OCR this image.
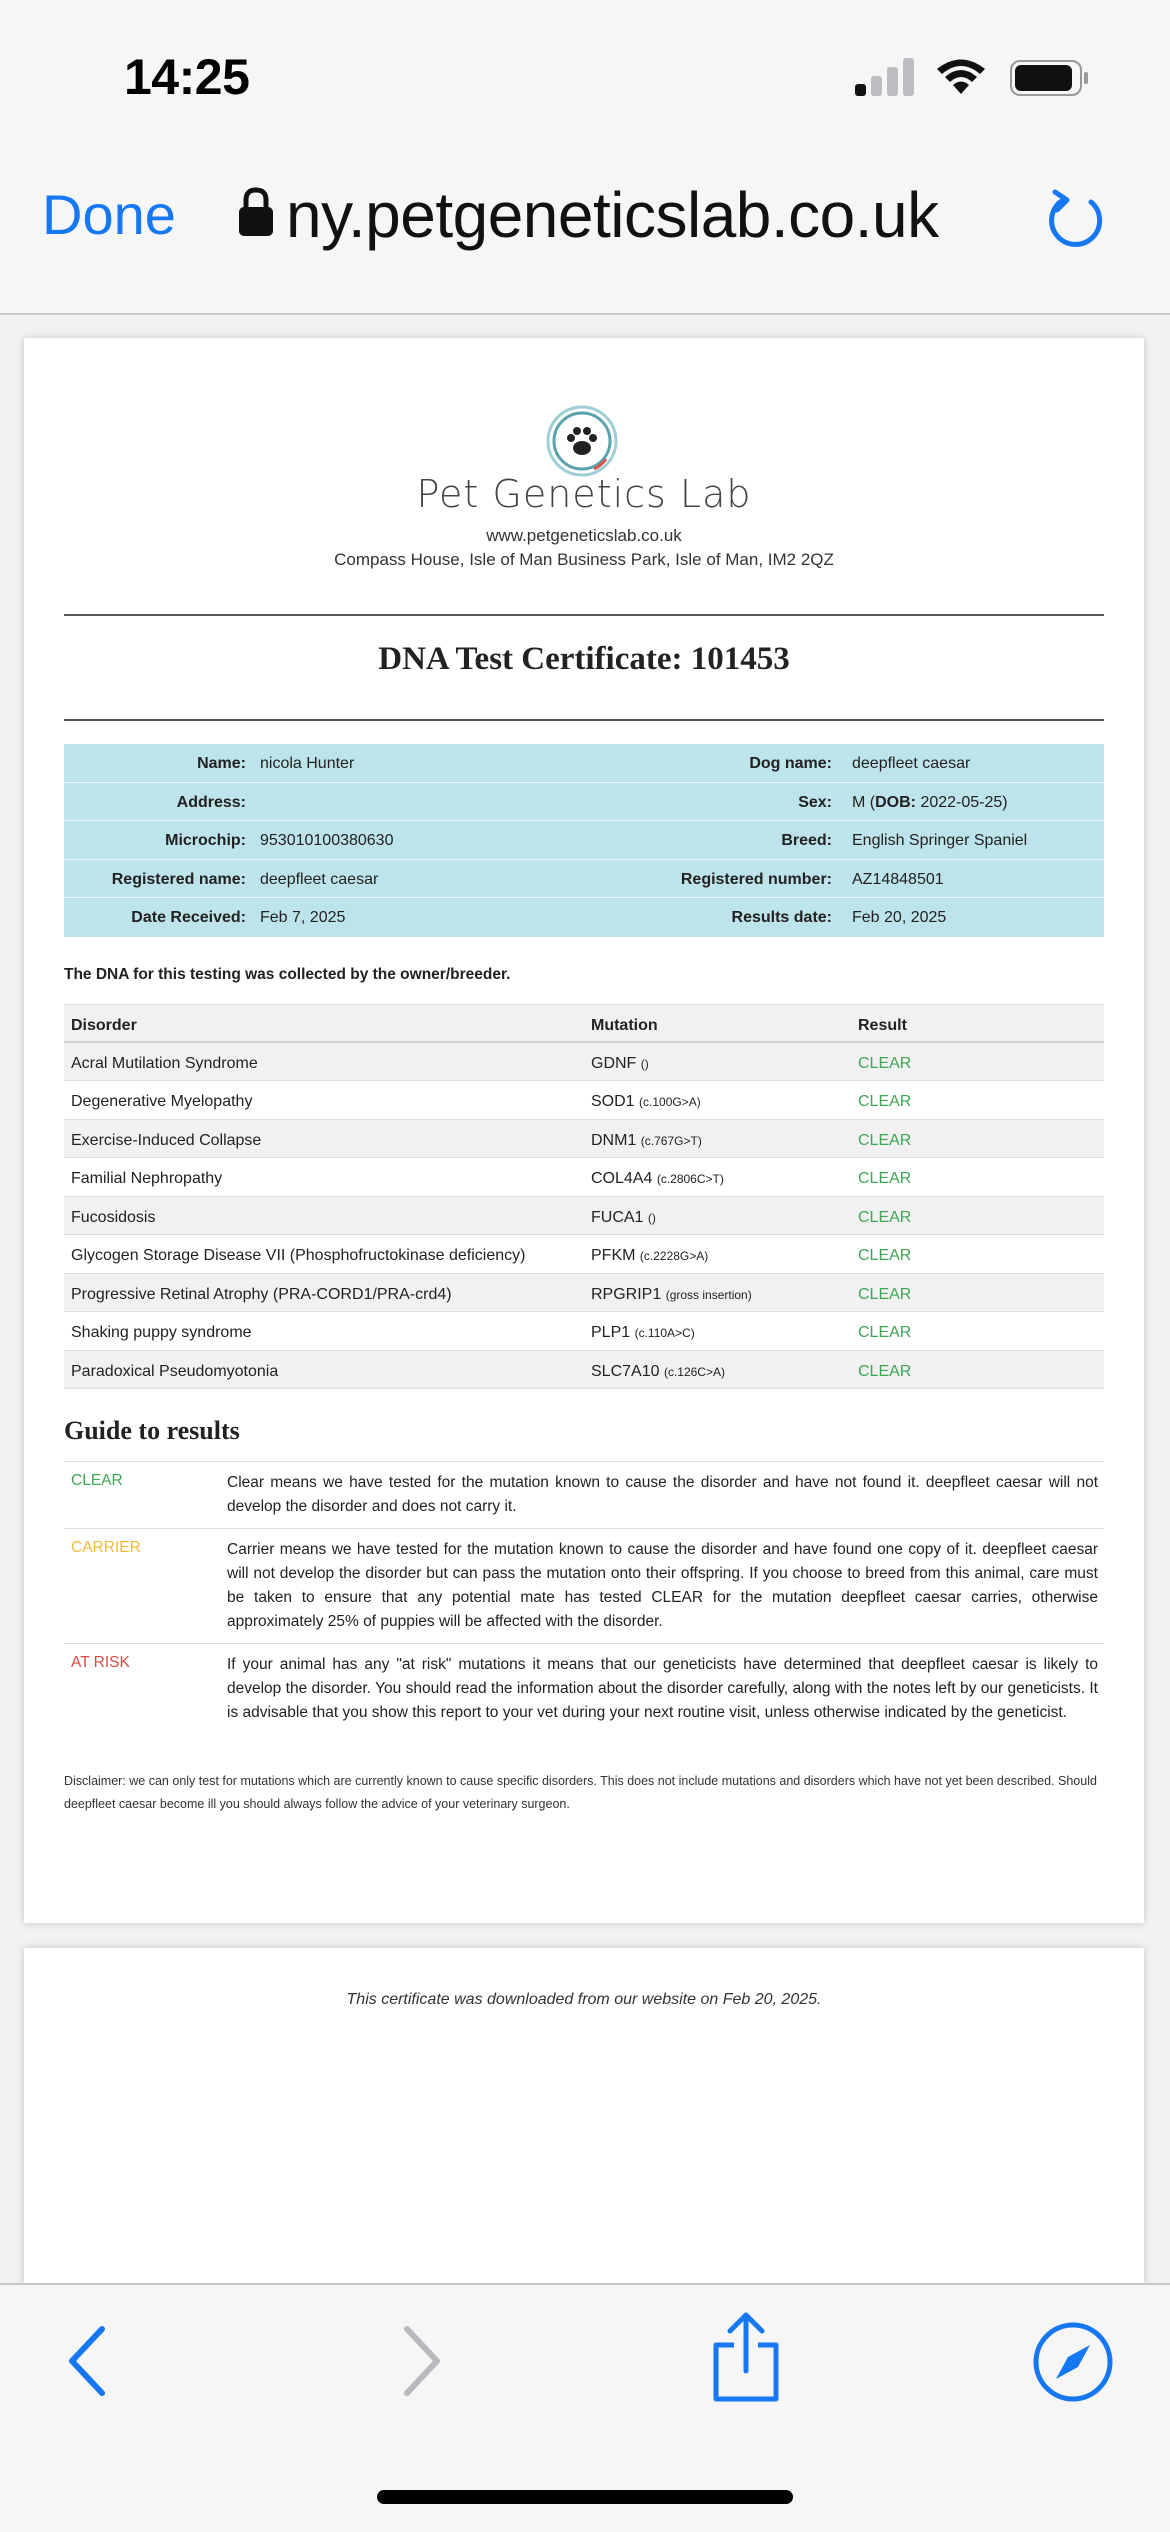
14:25
Done ny.petgeneticslab.co.uk
Pet Genetics Lab
www.petgeneticslab.co.uk
Compass House, Isle of Man Business Park, Isle of Man, IM2 2QZ
DNA Test Certificate: 101453
Name: nicola Hunter	Dog name: deepfleet caesar
Address:	Sex: M (DOB: 2022-05-25)
Microchip: 953010100380630	Breed: English Springer Spaniel
Registered name: deepfleet caesar	Registered number: AZ14848501
Date Received: Feb 7, 2025	Results date: Feb 20, 2025
The DNA for this testing was collected by the owner/breeder.
Disorder	Mutation	Result
Acral Mutilation Syndrome	GDNF ()	CLEAR
Degenerative Myelopathy	SOD1 (c.100G>A)	CLEAR
Exercise-Induced Collapse	DNM1 (c.767G>T)	CLEAR
Familial Nephropathy	COL4A4 (c.2806C>T)	CLEAR
Fucosidosis	FUCA1 ()	CLEAR
Glycogen Storage Disease VII (Phosphofructokinase deficiency)	PFKM (c.2228G>A)	CLEAR
Progressive Retinal Atrophy (PRA-CORD1/PRA-crd4)	RPGRIP1 (gross insertion)	CLEAR
Shaking puppy syndrome	PLP1 (c.110A>C)	CLEAR
Paradoxical Pseudomyotonia	SLC7A10 (c.126C>A)	CLEAR
Guide to results
CLEAR	Clear means we have tested for the mutation known to cause the disorder and have not found it. deepfleet caesar will not develop the disorder and does not carry it.
CARRIER	Carrier means we have tested for the mutation known to cause the disorder and have found one copy of it. deepfleet caesar will not develop the disorder but can pass the mutation onto their offspring. If you choose to breed from this animal, care must be taken to ensure that any potential mate has tested CLEAR for the mutation deepfleet caesar carries, otherwise approximately 25% of puppies will be affected with the disorder.
AT RISK	If your animal has any "at risk" mutations it means that our geneticists have determined that deepfleet caesar is likely to develop the disorder. You should read the information about the disorder carefully, along with the notes left by our geneticists. It is advisable that you show this report to your vet during your next routine visit, unless otherwise indicated by the geneticist.
Disclaimer: we can only test for mutations which are currently known to cause specific disorders. This does not include mutations and disorders which have not yet been described. Should deepfleet caesar become ill you should always follow the advice of your veterinary surgeon.
This certificate was downloaded from our website on Feb 20, 2025.
